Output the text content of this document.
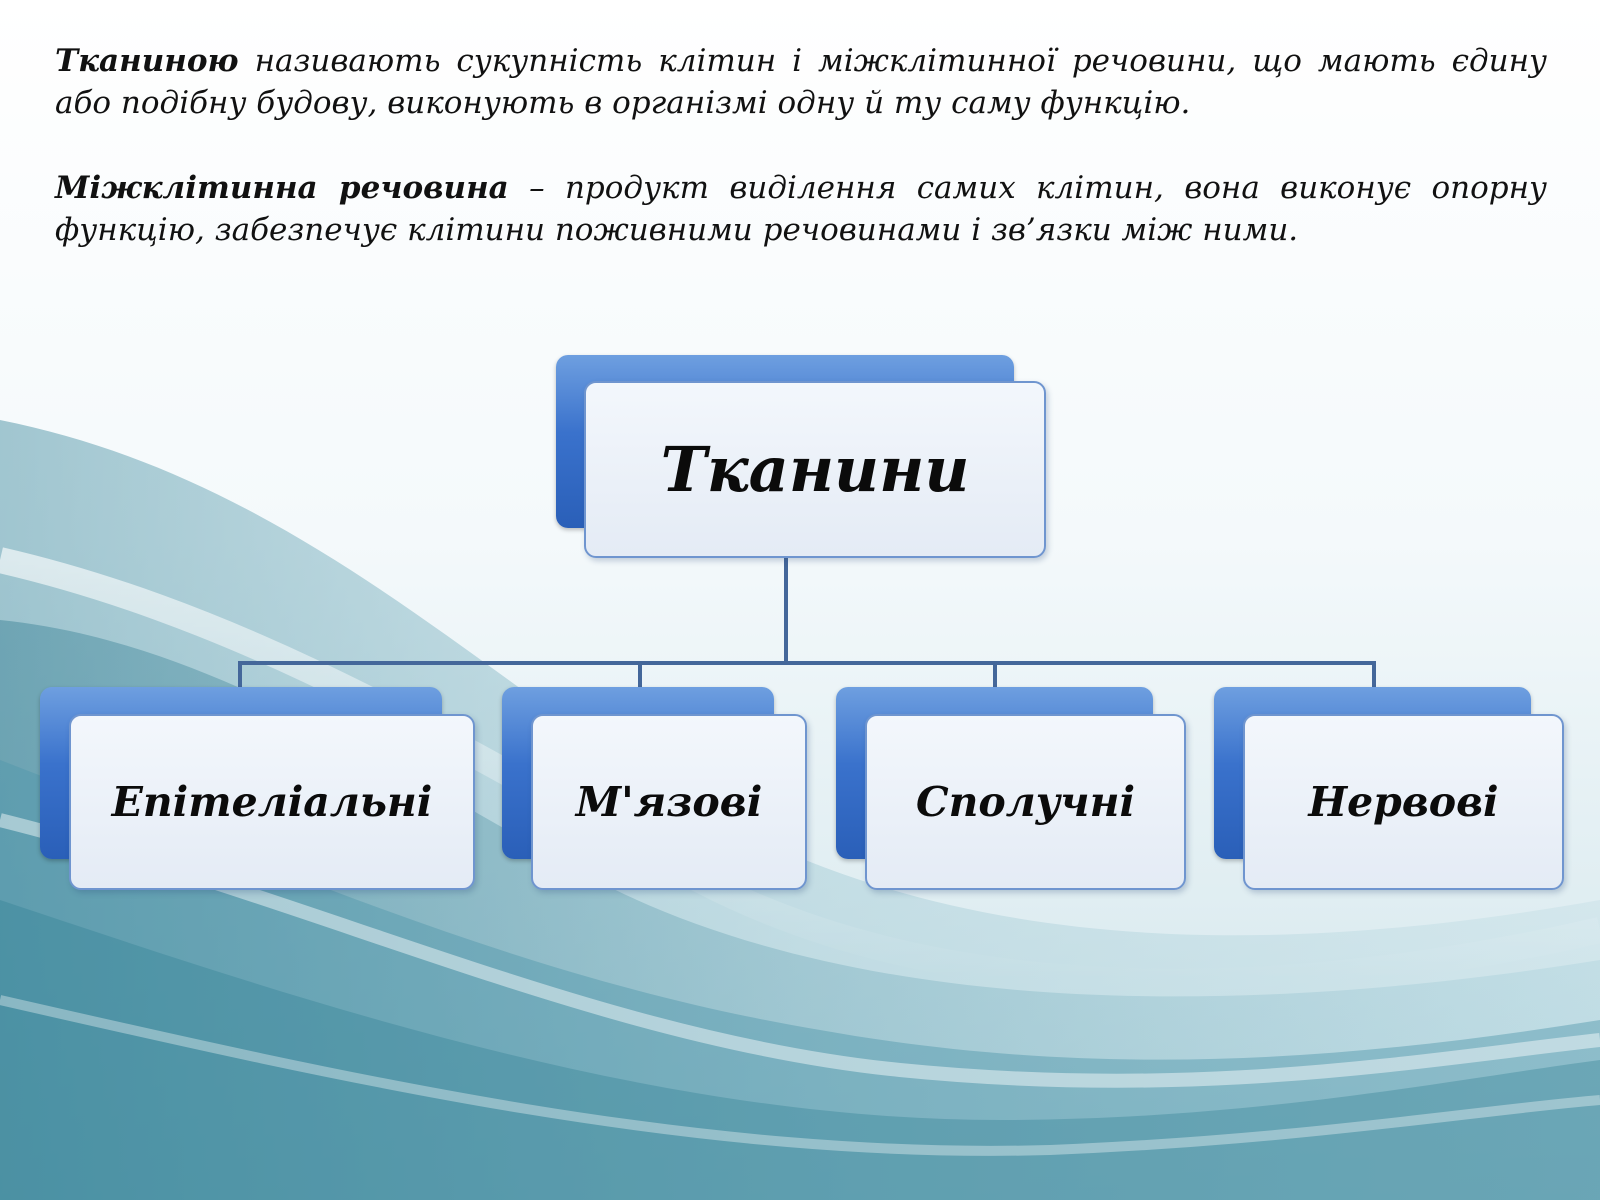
Тканиною називають сукупність клітин і міжклітинної речовини, що мають єдину або подібну будову, виконують в організмі одну й ту саму функцію.

Міжклітинна речовина – продукт виділення самих клітин, вона виконує опорну функцію, забезпечує клітини поживними речовинами і зв’язки між ними.

Тканини
Епітеліальні	М'язові	Сполучні	Нервові
